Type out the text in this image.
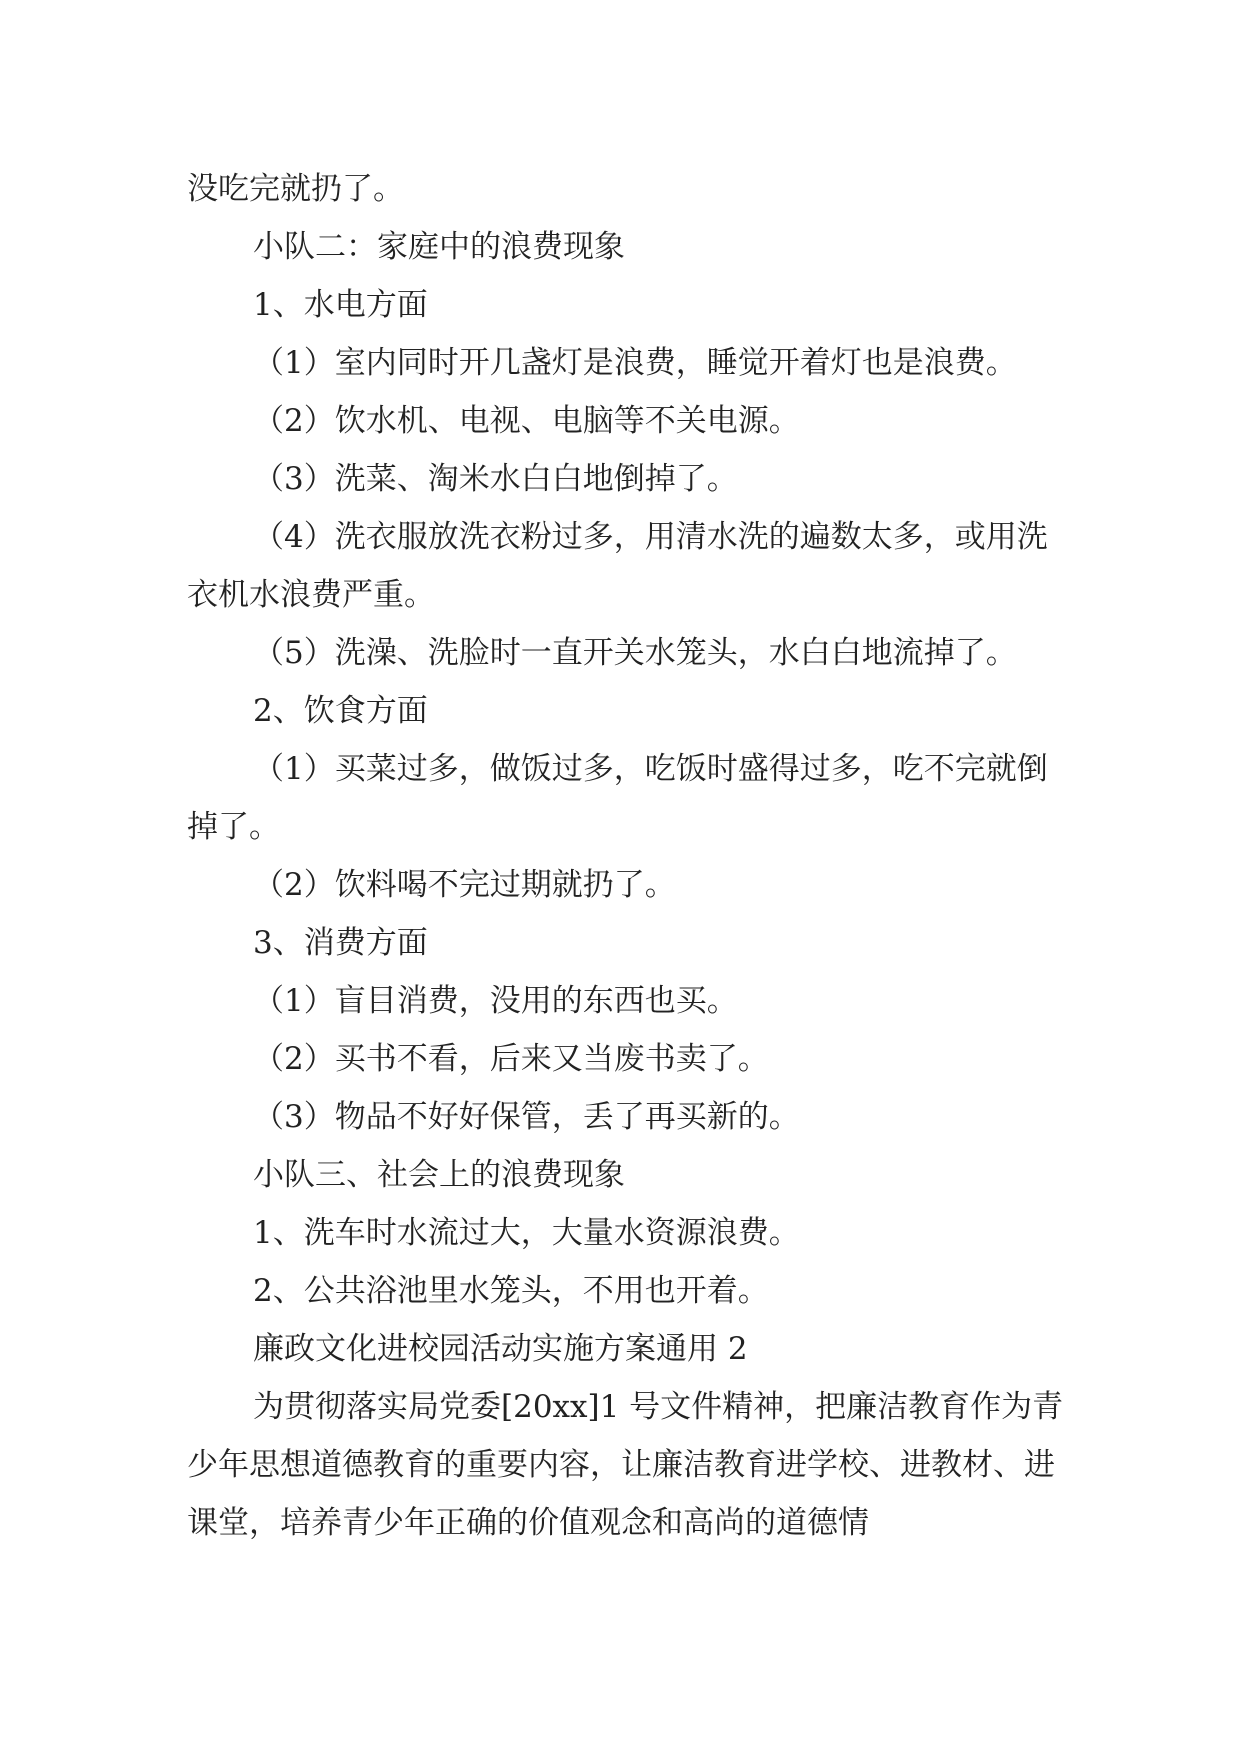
没吃完就扔了。

小队二：家庭中的浪费现象

1、水电方面

（1）室内同时开几盏灯是浪费，睡觉开着灯也是浪费。

（2）饮水机、电视、电脑等不关电源。

（3）洗菜、淘米水白白地倒掉了。

（4）洗衣服放洗衣粉过多，用清水洗的遍数太多，或用洗衣机水浪费严重。

（5）洗澡、洗脸时一直开关水笼头，水白白地流掉了。

2、饮食方面

（1）买菜过多，做饭过多，吃饭时盛得过多，吃不完就倒掉了。

（2）饮料喝不完过期就扔了。

3、消费方面

（1）盲目消费，没用的东西也买。

（2）买书不看，后来又当废书卖了。

（3）物品不好好保管，丢了再买新的。

小队三、社会上的浪费现象

1、洗车时水流过大，大量水资源浪费。

2、公共浴池里水笼头，不用也开着。

廉政文化进校园活动实施方案通用 2

为贯彻落实局党委[20xx]1 号文件精神，把廉洁教育作为青少年思想道德教育的重要内容，让廉洁教育进学校、进教材、进课堂，培养青少年正确的价值观念和高尚的道德情
